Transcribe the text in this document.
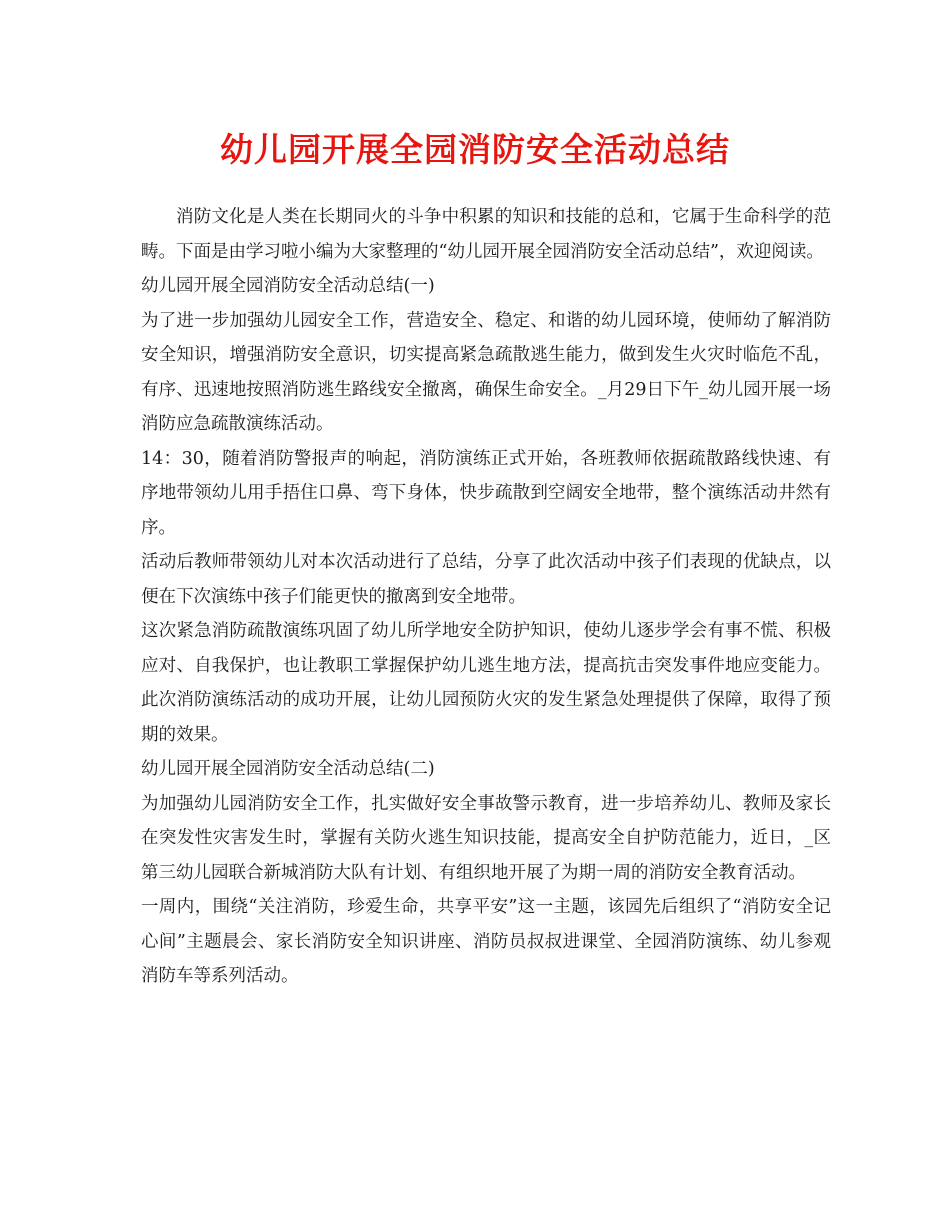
幼儿园开展全园消防安全活动总结

消防文化是人类在长期同火的斗争中积累的知识和技能的总和，它属于生命科学的范畴。下面是由学习啦小编为大家整理的“幼儿园开展全园消防安全活动总结”，欢迎阅读。

幼儿园开展全园消防安全活动总结(一)

为了进一步加强幼儿园安全工作，营造安全、稳定、和谐的幼儿园环境，使师幼了解消防安全知识，增强消防安全意识，切实提高紧急疏散逃生能力，做到发生火灾时临危不乱，有序、迅速地按照消防逃生路线安全撤离，确保生命安全。_月29日下午_幼儿园开展一场消防应急疏散演练活动。

14：30，随着消防警报声的响起，消防演练正式开始，各班教师依据疏散路线快速、有序地带领幼儿用手捂住口鼻、弯下身体，快步疏散到空阔安全地带，整个演练活动井然有序。

活动后教师带领幼儿对本次活动进行了总结，分享了此次活动中孩子们表现的优缺点，以便在下次演练中孩子们能更快的撤离到安全地带。

这次紧急消防疏散演练巩固了幼儿所学地安全防护知识，使幼儿逐步学会有事不慌、积极应对、自我保护，也让教职工掌握保护幼儿逃生地方法，提高抗击突发事件地应变能力。此次消防演练活动的成功开展，让幼儿园预防火灾的发生紧急处理提供了保障，取得了预期的效果。

幼儿园开展全园消防安全活动总结(二)

为加强幼儿园消防安全工作，扎实做好安全事故警示教育，进一步培养幼儿、教师及家长在突发性灾害发生时，掌握有关防火逃生知识技能，提高安全自护防范能力，近日，_区第三幼儿园联合新城消防大队有计划、有组织地开展了为期一周的消防安全教育活动。

一周内，围绕“关注消防，珍爱生命，共享平安”这一主题，该园先后组织了“消防安全记心间”主题晨会、家长消防安全知识讲座、消防员叔叔进课堂、全园消防演练、幼儿参观消防车等系列活动。
